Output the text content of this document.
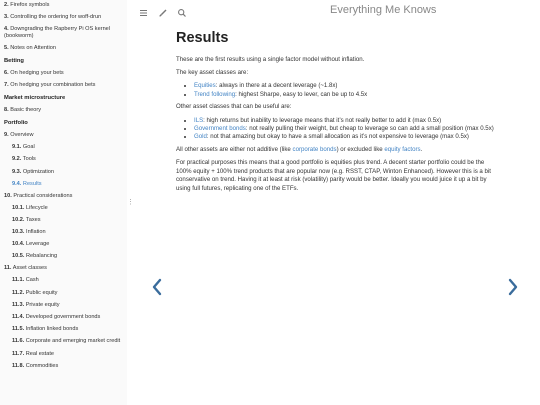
2. Firefox symbols
3. Controlling the ordering for woff-drun
4. Downgrading the Rapberry Pi OS kernel (bookworm)
5. Notes on Attention
Betting
6. On hedging your bets
7. On hedging your combination bets
Market microstructure
8. Basic theory
Portfolio
9. Overview
9.1. Goal
9.2. Tools
9.3. Optimization
9.4. Results
10. Practical considerations
10.1. Lifecycle
10.2. Taxes
10.3. Inflation
10.4. Leverage
10.5. Rebalancing
11. Asset classes
11.1. Cash
11.2. Public equity
11.3. Private equity
11.4. Developed government bonds
11.5. Inflation linked bonds
11.6. Corporate and emerging market credit
11.7. Real estate
11.8. Commodities
⋮
Everything Me Knows
Results

These are the first results using a single factor model without inflation.

The key asset classes are:

• Equities: always in there at a decent leverage (~1.8x)
• Trend following: highest Sharpe, easy to lever, can be up to 4.5x

Other asset classes that can be useful are:

• ILS: high returns but inability to leverage means that it’s not really better to add it (max 0.5x)
• Government bonds: not really pulling their weight, but cheap to leverage so can add a small position (max 0.5x)
• Gold: not that amazing but okay to have a small allocation as it’s not expensive to leverage (max 0.5x)

All other assets are either not additive (like corporate bonds) or excluded like equity factors.

For practical purposes this means that a good portfolio is equities plus trend. A decent starter portfolio could be the 100% equity + 100% trend products that are popular now (e.g. RSST, CTAP, Winton Enhanced). However this is a bit conservative on trend. Having it at least at risk (volatility) parity would be better. Ideally you would juice it up a bit by using full futures, replicating one of the ETFs.
